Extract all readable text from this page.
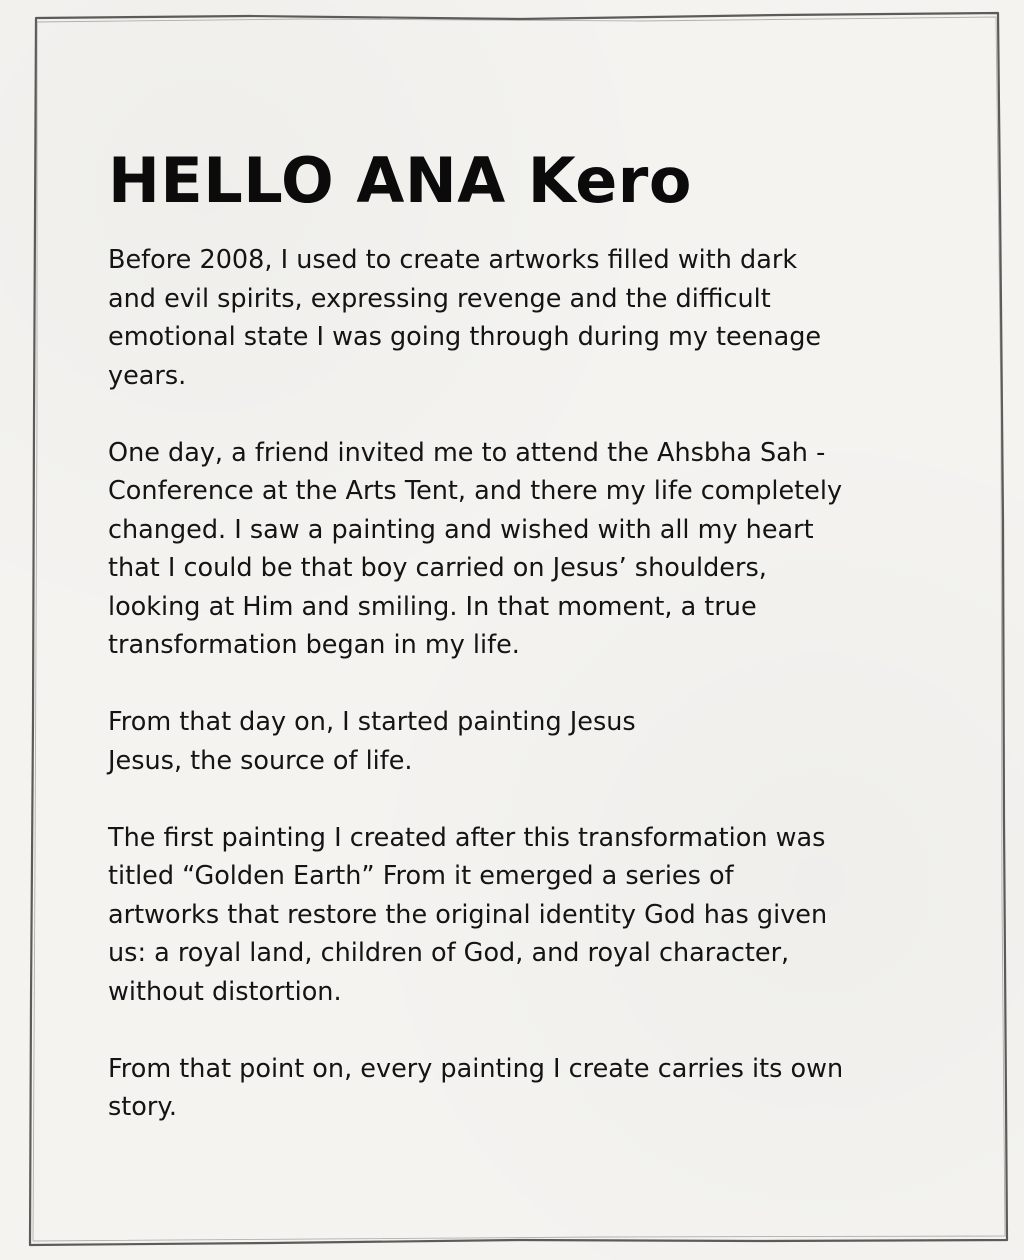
HELLO ANA Kero

Before 2008, I used to create artworks filled with dark
and evil spirits, expressing revenge and the difficult
emotional state I was going through during my teenage
years.

One day, a friend invited me to attend the Ahsbha Sah -
Conference at the Arts Tent, and there my life completely
changed. I saw a painting and wished with all my heart
that I could be that boy carried on Jesus’ shoulders,
looking at Him and smiling. In that moment, a true
transformation began in my life.

From that day on, I started painting Jesus
Jesus, the source of life.

The first painting I created after this transformation was
titled “Golden Earth” From it emerged a series of
artworks that restore the original identity God has given
us: a royal land, children of God, and royal character,
without distortion.

From that point on, every painting I create carries its own
story.
